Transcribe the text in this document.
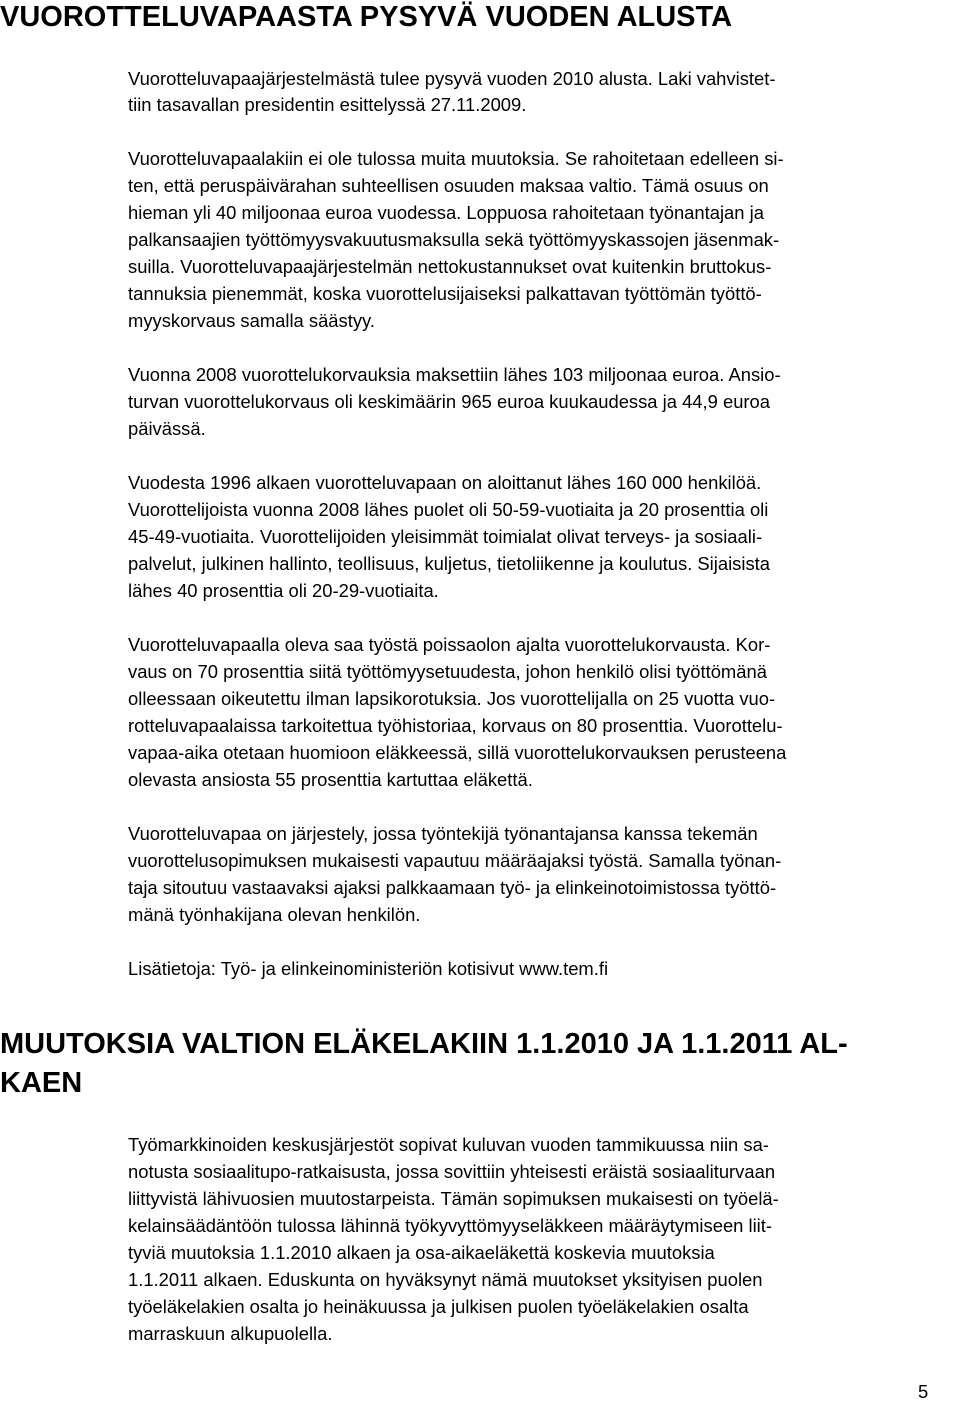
VUOROTTELUVAPAASTA PYSYVÄ VUODEN ALUSTA

Vuorotteluvapaajärjestelmästä tulee pysyvä vuoden 2010 alusta. Laki vahvistet-

tiin tasavallan presidentin esittelyssä 27.11.2009.

Vuorotteluvapaalakiin ei ole tulossa muita muutoksia. Se rahoitetaan edelleen si-

ten, että peruspäivärahan suhteellisen osuuden maksaa valtio. Tämä osuus on

hieman yli 40 miljoonaa euroa vuodessa. Loppuosa rahoitetaan työnantajan ja

palkansaajien työttömyysvakuutusmaksulla sekä työttömyyskassojen jäsenmak-

suilla. Vuorotteluvapaajärjestelmän nettokustannukset ovat kuitenkin bruttokus-

tannuksia pienemmät, koska vuorottelusijaiseksi palkattavan työttömän työttö-

myyskorvaus samalla säästyy.

Vuonna 2008 vuorottelukorvauksia maksettiin lähes 103 miljoonaa euroa. Ansio-

turvan vuorottelukorvaus oli keskimäärin 965 euroa kuukaudessa ja 44,9 euroa

päivässä.

Vuodesta 1996 alkaen vuorotteluvapaan on aloittanut lähes 160 000 henkilöä.

Vuorottelijoista vuonna 2008 lähes puolet oli 50-59-vuotiaita ja 20 prosenttia oli

45-49-vuotiaita. Vuorottelijoiden yleisimmät toimialat olivat terveys- ja sosiaali-

palvelut, julkinen hallinto, teollisuus, kuljetus, tietoliikenne ja koulutus. Sijaisista

lähes 40 prosenttia oli 20-29-vuotiaita.

Vuorotteluvapaalla oleva saa työstä poissaolon ajalta vuorottelukorvausta. Kor-

vaus on 70 prosenttia siitä työttömyysetuudesta, johon henkilö olisi työttömänä

olleessaan oikeutettu ilman lapsikorotuksia. Jos vuorottelijalla on 25 vuotta vuo-

rotteluvapaalaissa tarkoitettua työhistoriaa, korvaus on 80 prosenttia. Vuorottelu-

vapaa-aika otetaan huomioon eläkkeessä, sillä vuorottelukorvauksen perusteena

olevasta ansiosta 55 prosenttia kartuttaa eläkettä.

Vuorotteluvapaa on järjestely, jossa työntekijä työnantajansa kanssa tekemän

vuorottelusopimuksen mukaisesti vapautuu määräajaksi työstä. Samalla työnan-

taja sitoutuu vastaavaksi ajaksi palkkaamaan työ- ja elinkeinotoimistossa työttö-

mänä työnhakijana olevan henkilön.

Lisätietoja: Työ- ja elinkeinoministeriön kotisivut www.tem.fi

MUUTOKSIA VALTION ELÄKELAKIIN 1.1.2010 JA 1.1.2011 AL-
KAEN

Työmarkkinoiden keskusjärjestöt sopivat kuluvan vuoden tammikuussa niin sa-

notusta sosiaalitupo-ratkaisusta, jossa sovittiin yhteisesti eräistä sosiaaliturvaan

liittyvistä lähivuosien muutostarpeista. Tämän sopimuksen mukaisesti on työelä-

kelainsäädäntöön tulossa lähinnä työkyvyttömyyseläkkeen määräytymiseen liit-

tyviä muutoksia 1.1.2010 alkaen ja osa-aikaeläkettä koskevia muutoksia

1.1.2011 alkaen. Eduskunta on hyväksynyt nämä muutokset yksityisen puolen

työeläkelakien osalta jo heinäkuussa ja julkisen puolen työeläkelakien osalta

marraskuun alkupuolella.

5
